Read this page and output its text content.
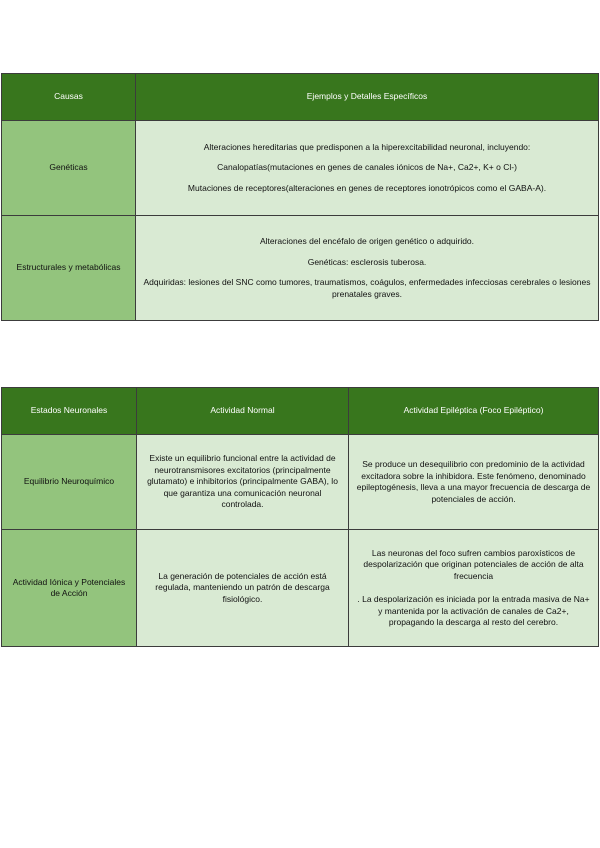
Causas	Ejemplos y Detalles Específicos
Genéticas	Alteraciones hereditarias que predisponen a la hiperexcitabilidad neuronal, incluyendo:

Canalopatías(mutaciones en genes de canales iónicos de Na+, Ca2+, K+ o Cl-)

Mutaciones de receptores(alteraciones en genes de receptores ionotrópicos como el GABA-A).

Estructurales y metabólicas	Alteraciones del encéfalo de origen genético o adquirido.

Genéticas: esclerosis tuberosa.

Adquiridas: lesiones del SNC como tumores, traumatismos, coágulos, enfermedades infecciosas cerebrales o lesiones prenatales graves.

Estados Neuronales	Actividad Normal	Actividad Epiléptica (Foco Epiléptico)
Equilibrio Neuroquímico	Existe un equilibrio funcional entre la actividad de neurotransmisores excitatorios (principalmente glutamato) e inhibitorios (principalmente GABA), lo que garantiza una comunicación neuronal controlada.	Se produce un desequilibrio con predominio de la actividad excitadora sobre la inhibidora. Este fenómeno, denominado epileptogénesis, lleva a una mayor frecuencia de descarga de potenciales de acción.

Actividad Iónica y Potenciales de Acción	La generación de potenciales de acción está regulada, manteniendo un patrón de descarga fisiológico.	Las neuronas del foco sufren cambios paroxísticos de despolarización que originan potenciales de acción de alta frecuencia

. La despolarización es iniciada por la entrada masiva de Na+ y mantenida por la activación de canales de Ca2+, propagando la descarga al resto del cerebro.
